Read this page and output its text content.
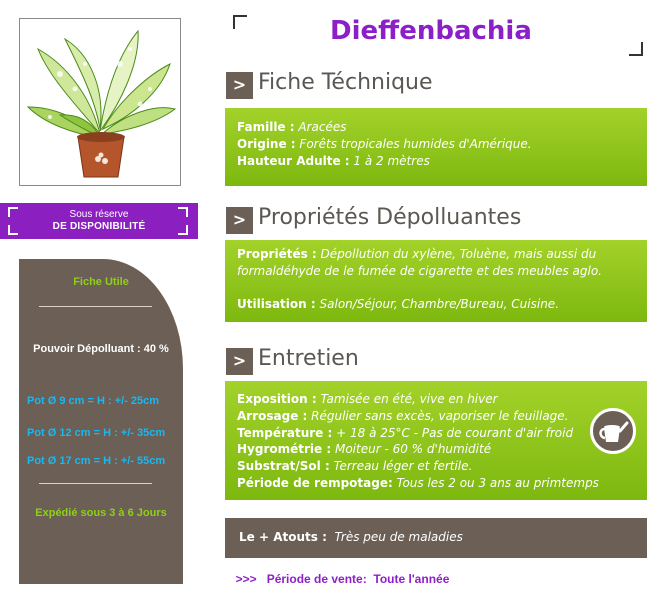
Sous réserve
DE DISPONIBILITÉ
Fiche Utile
Pouvoir Dépolluant : 40 %
Pot Ø 9 cm = H : +/- 25cm
Pot Ø 12 cm = H : +/- 35cm
Pot Ø 17 cm = H : +/- 55cm
Expédié sous 3 à 6 Jours
Dieffenbachia
> Fiche Téchnique
Famille : Aracées
Origine : Forêts tropicales humides d'Amérique.
Hauteur Adulte : 1 à 2 mètres
> Propriétés Dépolluantes
Propriétés : Dépollution du xylène, Toluène, mais aussi du
formaldéhyde de le fumée de cigarette et des meubles aglo.
Utilisation : Salon/Séjour, Chambre/Bureau, Cuisine.
> Entretien
Exposition : Tamisée en été, vive en hiver
Arrosage : Régulier sans excès, vaporiser le feuillage.
Température : + 18 à 25°C - Pas de courant d'air froid
Hygrométrie : Moiteur - 60 % d'humidité
Substrat/Sol : Terreau léger et fertile.
Période de rempotage: Tous les 2 ou 3 ans au primtemps
Le + Atouts : Très peu de maladies
>>>   Période de vente:  Toute l'année
